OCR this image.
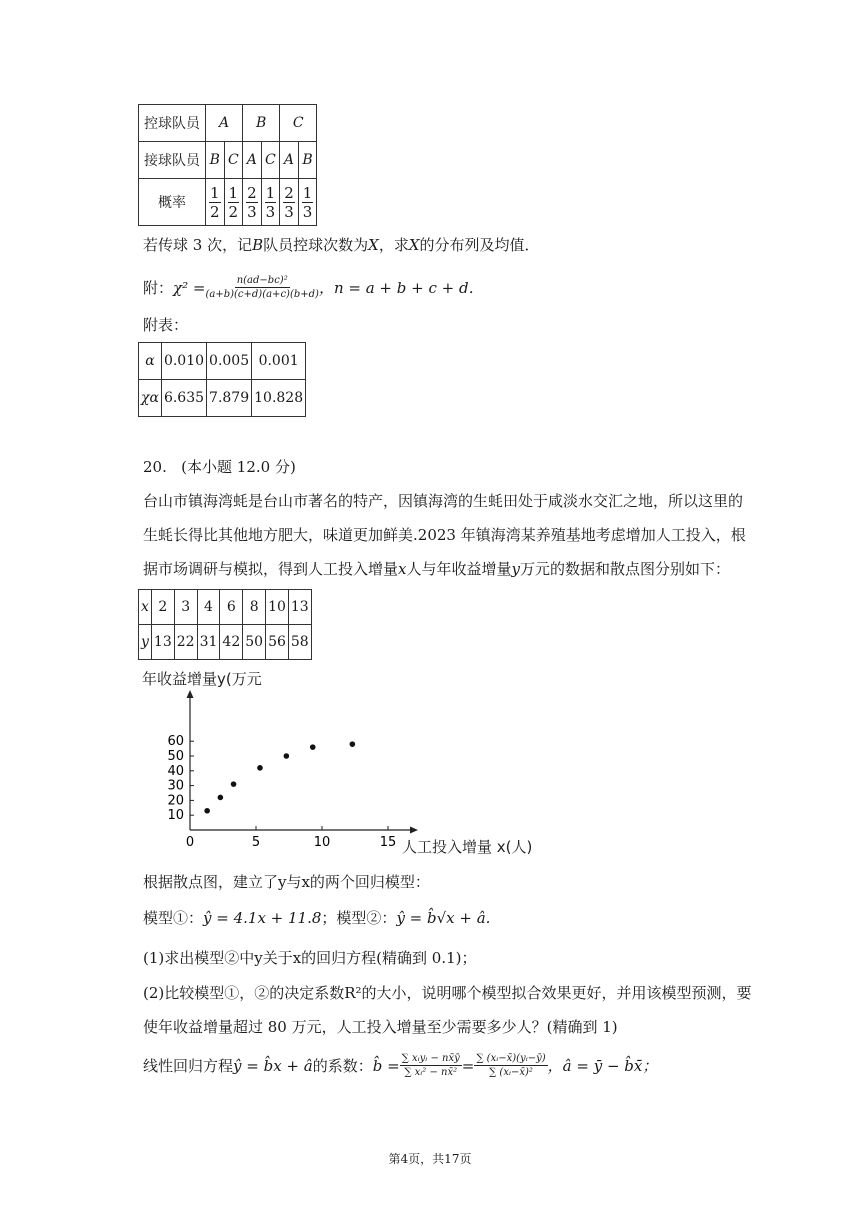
控球队员	A		B		C	
接球队员	B	C	A	C	A	B
概率	$\frac{1}{2}$	$\frac{1}{2}$	$\frac{2}{3}$	$\frac{1}{3}$	$\frac{2}{3}$	$\frac{1}{3}$
若传球 3 次，记B队员控球次数为X，求X的分布列及均值．
附： $\chi^2 = \frac{\text{n(ad−bc)²}}{(a+b)(c+d)(a+c)(b+d)}$ ，n = a + b + c + d．
附表：
α	0.010	0.005	0.001
χα	6.635	7.879	10.828
20. (本小题 12.0 分)
台山市镇海湾蚝是台山市著名的特产，因镇海湾的生蚝田处于咸淡水交汇之地，所以这里的
生蚝长得比其他地方肥大，味道更加鲜美.2023 年镇海湾某养殖基地考虑增加人工投入，根
据市场调研与模拟，得到人工投入增量x人与年收益增量y万元的数据和散点图分别如下：
x	2	3	4	6	8	10	13
y	13	22	31	42	50	56	58
年收益增量y(万元
人工投入增量 x(人)
10
20
30
40
50
60
0	5	10	15
根据散点图，建立了y与x的两个回归模型：
模型①：ŷ = 4.1x + 11.8；模型②：ŷ = b̂√x + â.
(1)求出模型②中y关于x的回归方程(精确到 0.1)；
(2)比较模型①，②的决定系数R²的大小，说明哪个模型拟合效果更好，并用该模型预测，要
使年收益增量超过 80 万元，人工投入增量至少需要多少人？(精确到 1)
线性回归方程 ŷ = b̂x + â 的系数： b̂ = ∑ xᵢyᵢ − nx̄ȳ
∑ xᵢ² − nx̄² = $\frac{\text{∑ (xᵢ−x̄)(yᵢ−ȳ)}}{\text{∑ (xᵢ−x̄)²}}$ ，â = ȳ − b̂x̄；
第4页，共17页
